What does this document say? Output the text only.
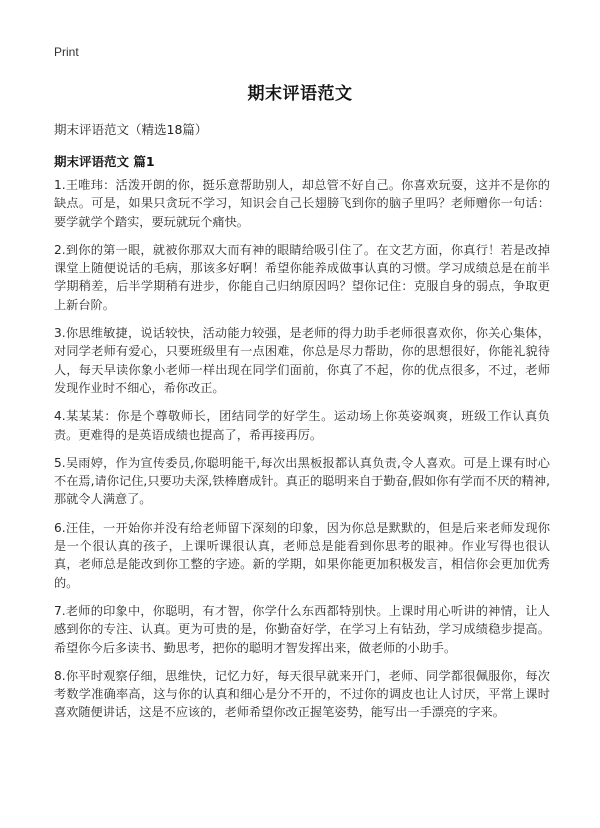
Print
期末评语范文
期末评语范文（精选18篇）
期末评语范文 篇1

1.王唯玮：活泼开朗的你，挺乐意帮助别人，却总管不好自己。你喜欢玩耍，这并不是你的缺点。可是，如果只贪玩不学习，知识会自己长翅膀飞到你的脑子里吗？老师赠你一句话：要学就学个踏实，要玩就玩个痛快。

2.到你的第一眼，就被你那双大而有神的眼睛给吸引住了。在文艺方面，你真行！若是改掉课堂上随便说话的毛病，那该多好啊！希望你能养成做事认真的习惯。学习成绩总是在前半学期稍差，后半学期稍有进步，你能自己归纳原因吗？望你记住：克服自身的弱点，争取更上新台阶。

3.你思维敏捷，说话较快，活动能力较强，是老师的得力助手老师很喜欢你，你关心集体，对同学老师有爱心，只要班级里有一点困难，你总是尽力帮助，你的思想很好，你能礼貌待人，每天早读你象小老师一样出现在同学们面前，你真了不起，你的优点很多，不过，老师发现作业时不细心，希你改正。

4.某某某：你是个尊敬师长，团结同学的好学生。运动场上你英姿飒爽，班级工作认真负责。更难得的是英语成绩也提高了，希再接再厉。

5.吴雨婷，作为宣传委员,你聪明能干,每次出黑板报都认真负责,令人喜欢。可是上课有时心不在焉,请你记住,只要功夫深,铁棒磨成针。真正的聪明来自于勤奋,假如你有学而不厌的精神,那就令人满意了。

6.汪佳，一开始你并没有给老师留下深刻的印象，因为你总是默默的，但是后来老师发现你是一个很认真的孩子，上课听课很认真，老师总是能看到你思考的眼神。作业写得也很认真，老师总是能改到你工整的字迹。新的学期，如果你能更加积极发言，相信你会更加优秀的。

7.老师的印象中，你聪明，有才智，你学什么东西都特别快。上课时用心听讲的神情，让人感到你的专注、认真。更为可贵的是，你勤奋好学，在学习上有钻劲，学习成绩稳步提高。希望你今后多读书、勤思考，把你的聪明才智发挥出来，做老师的小助手。

8.你平时观察仔细，思维快，记忆力好，每天很早就来开门，老师、同学都很佩服你，每次考数学准确率高，这与你的认真和细心是分不开的，不过你的调皮也让人讨厌，平常上课时喜欢随便讲话，这是不应该的，老师希望你改正握笔姿势，能写出一手漂亮的字来。
